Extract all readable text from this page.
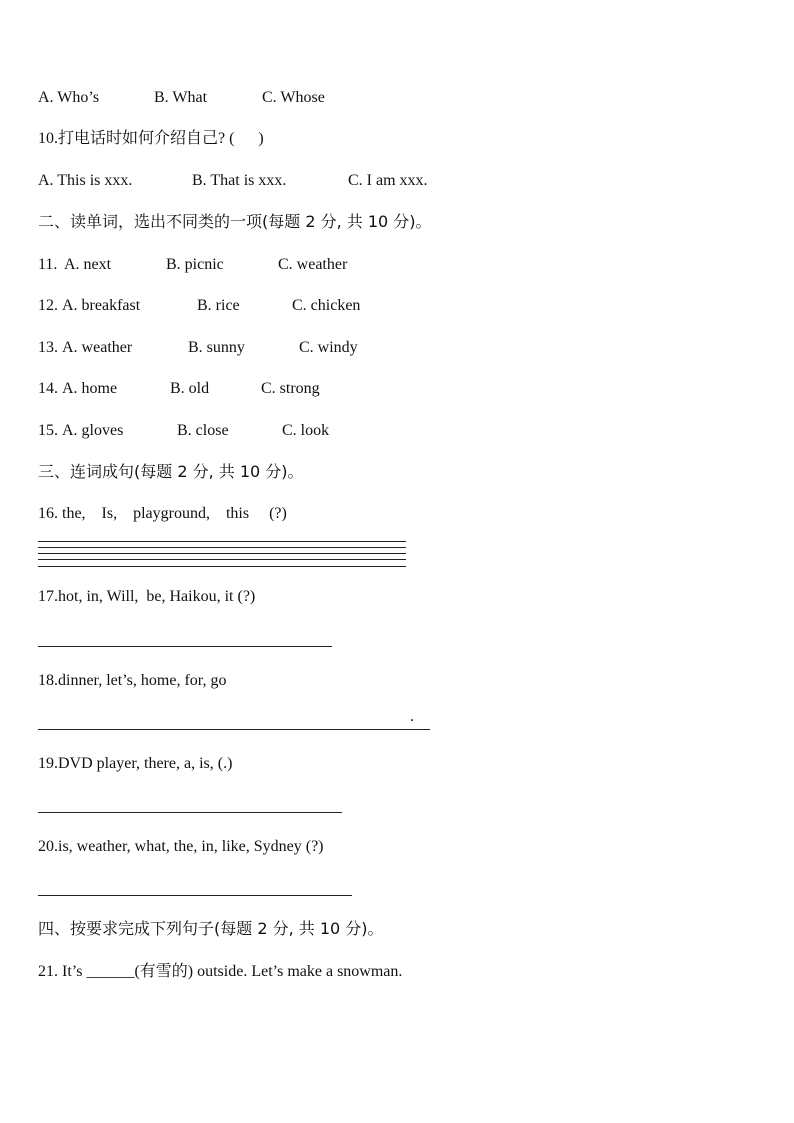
A. Who’s

	B. What

	C. Whose

10.打电话时如何介绍自己? (      )

A. This is xxx.

	B. That is xxx.

	C. I am xxx.

二、读单词，选出不同类的一项(每题 2 分, 共 10 分)。

11.

A. next

	B. picnic

	C. weather

12.

A. breakfast

	B. rice

	C. chicken

13.

A. weather

	B. sunny

	C. windy

14.

A. home

	B. old

	C. strong

15.

A. gloves

	B. close

	C. look

三、连词成句(每题 2 分, 共 10 分)。
16. the,    Is,    playground,    this     (?)
17.hot, in, Will,  be, Haikou, it (?)
18.dinner, let’s, home, for, go
.
19.DVD player, there, a, is, (.)
20.is, weather, what, the, in, like, Sydney (?)
四、按要求完成下列句子(每题 2 分, 共 10 分)。
21. It’s ______(有雪的) outside. Let’s make a snowman.
